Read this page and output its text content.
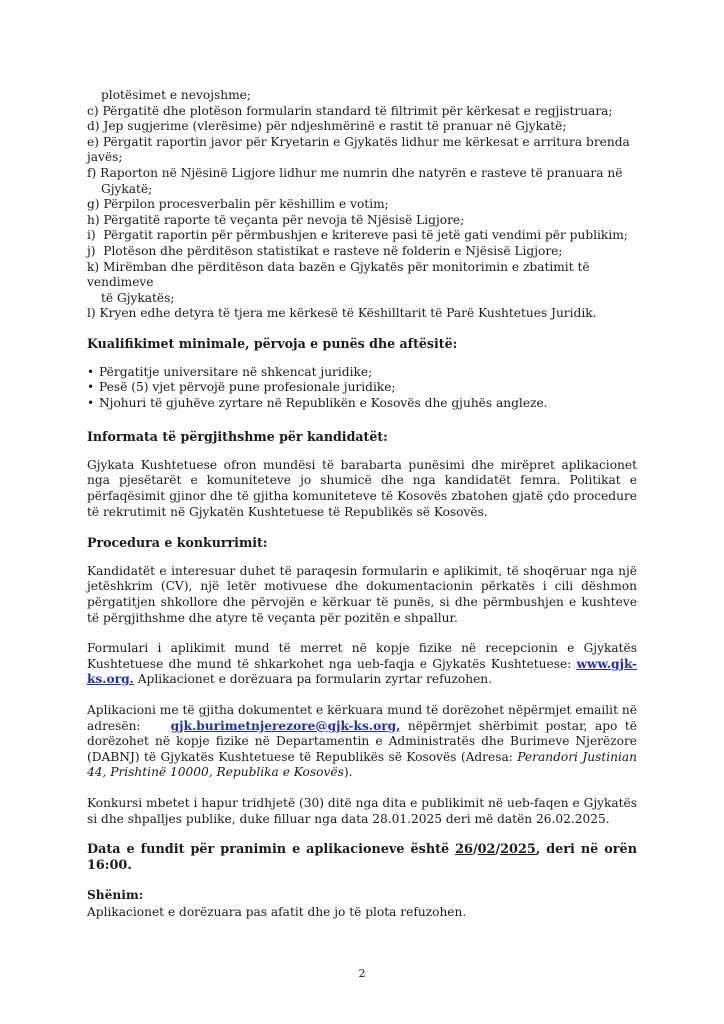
plotësimet e nevojshme;
c) Përgatitë dhe plotëson formularin standard të filtrimit për kërkesat e regjistruara;
d) Jep sugjerime (vlerësime) për ndjeshmërinë e rastit të pranuar në Gjykatë;
e) Përgatit raportin javor për Kryetarin e Gjykatës lidhur me kërkesat e arritura brenda javës;
f) Raporton në Njësinë Ligjore lidhur me numrin dhe natyrën e rasteve të pranuara në
Gjykatë;
g) Përpilon procesverbalin për këshillim e votim;
h) Përgatitë raporte të veçanta për nevoja të Njësisë Ligjore;
i) Përgatit raportin për përmbushjen e kritereve pasi të jetë gati vendimi për publikim;
j) Plotëson dhe përditëson statistikat e rasteve në folderin e Njësisë Ligjore;
k) Mirëmban dhe përditëson data bazën e Gjykatës për monitorimin e zbatimit të vendimeve
të Gjykatës;
l) Kryen edhe detyra të tjera me kërkesë të Këshilltarit të Parë Kushtetues Juridik.
Kualifikimet minimale, përvoja e punës dhe aftësitë:
• Përgatitje universitare në shkencat juridike;
• Pesë (5) vjet përvojë pune profesionale juridike;
• Njohuri të gjuhëve zyrtare në Republikën e Kosovës dhe gjuhës angleze.
Informata të përgjithshme për kandidatët:

Gjykata Kushtetuese ofron mundësi të barabarta punësimi dhe mirëpret aplikacionet nga pjesëtarët e komuniteteve jo shumicë dhe nga kandidatët femra. Politikat e përfaqësimit gjinor dhe të gjitha komuniteteve të Kosovës zbatohen gjatë çdo procedure të rekrutimit në Gjykatën Kushtetuese të Republikës së Kosovës.

Procedura e konkurrimit:

Kandidatët e interesuar duhet të paraqesin formularin e aplikimit, të shoqëruar nga një jetëshkrim (CV), një letër motivuese dhe dokumentacionin përkatës i cili dëshmon përgatitjen shkollore dhe përvojën e kërkuar të punës, si dhe përmbushjen e kushteve të përgjithshme dhe atyre të veçanta për pozitën e shpallur.

Formulari i aplikimit mund të merret në kopje fizike në recepcionin e Gjykatës Kushtetuese dhe mund të shkarkohet nga ueb-faqja e Gjykatës Kushtetuese: www.gjk-ks.org. Aplikacionet e dorëzuara pa formularin zyrtar refuzohen.

Aplikacioni me të gjitha dokumentet e kërkuara mund të dorëzohet nëpërmjet emailit në adresën:    gjk.burimetnjerezore@gjk-ks.org, nëpërmjet shërbimit postar, apo të dorëzohet në kopje fizike në Departamentin e Administratës dhe Burimeve Njerëzore (DABNJ) të Gjykatës Kushtetuese të Republikës së Kosovës (Adresa: Perandori Justinian 44, Prishtinë 10000, Republika e Kosovës).

Konkursi mbetet i hapur tridhjetë (30) ditë nga dita e publikimit në ueb-faqen e Gjykatës si dhe shpalljes publike, duke filluar nga data 28.01.2025 deri më datën 26.02.2025.

Data e fundit për pranimin e aplikacioneve është 26/02/2025, deri në orën 16:00.
Shënim:
Aplikacionet e dorëzuara pas afatit dhe jo të plota refuzohen.
2
